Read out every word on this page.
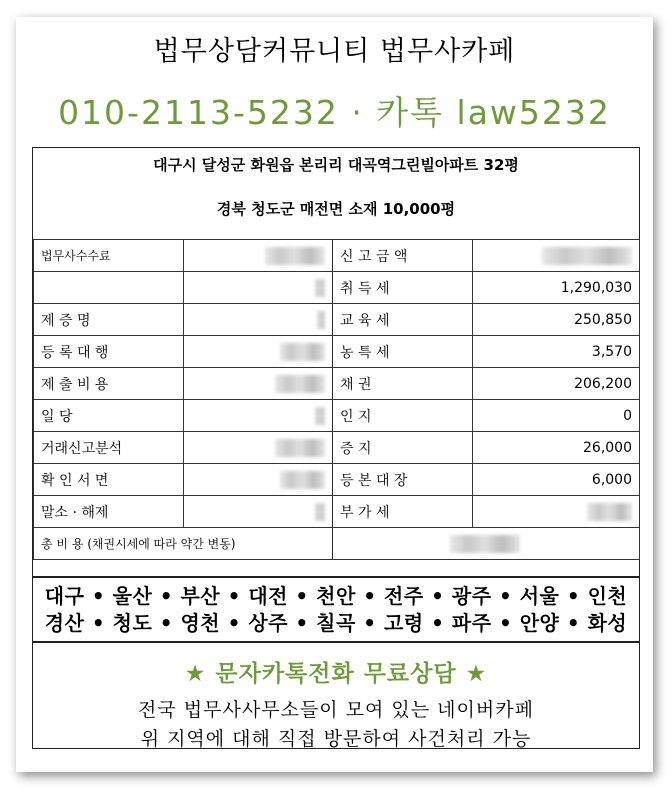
법무상담커뮤니티 법무사카페
010-2113-5232 · 카톡 law5232
대구시 달성군 화원읍 본리리 대곡역그린빌아파트 32평
경북 청도군 매전면 소재 10,000평
법무사수수료		신 고 금 액	
		취 득 세	1,290,030
제 증 명		교 육 세	250,850
등 록 대 행		농 특 세	3,570
제 출 비 용		채 권	206,200
일 당		인 지	0
거래신고분석		증 지	26,000
확 인 서 면		등 본 대 장	6,000
말소 · 해제		부 가 세	
총 비 용 (채권시세에 따라 약간 변동)			
대구 • 울산 • 부산 • 대전 • 천안 • 전주 • 광주 • 서울 • 인천
경산 • 청도 • 영천 • 상주 • 칠곡 • 고령 • 파주 • 안양 • 화성
★ 문자카톡전화 무료상담 ★
전국 법무사사무소들이 모여 있는 네이버카페
위 지역에 대해 직접 방문하여 사건처리 가능
